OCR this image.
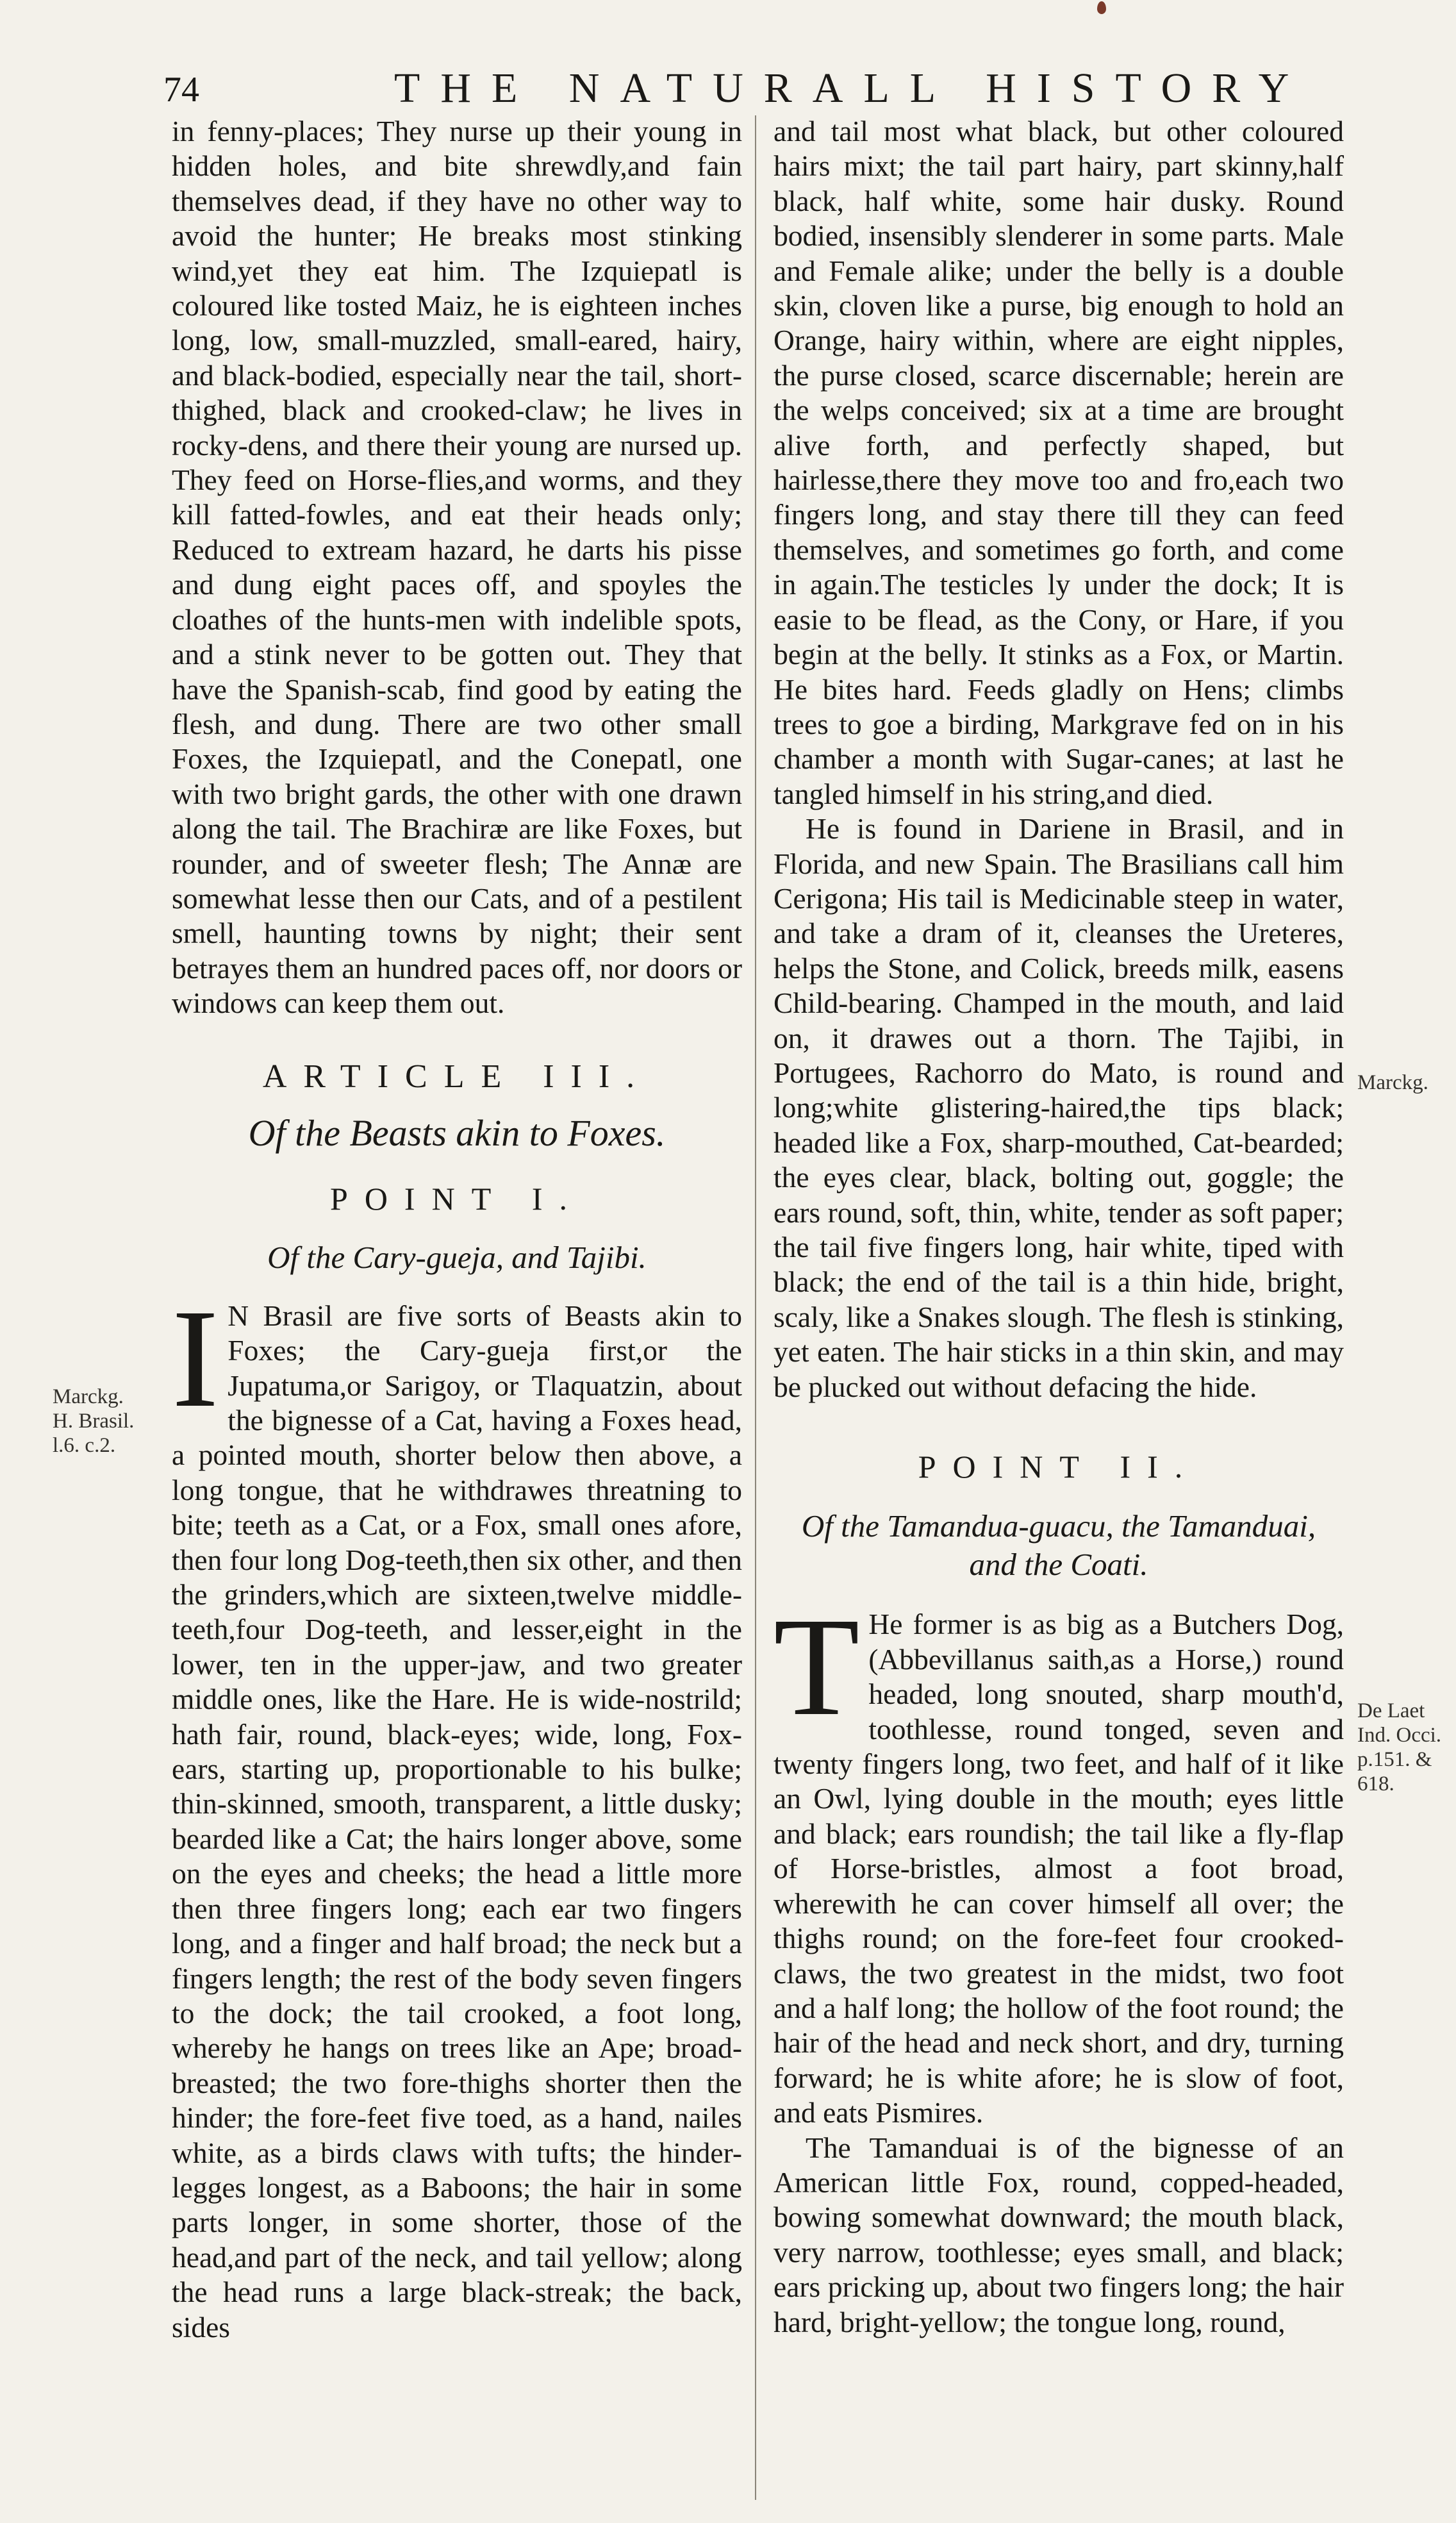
74	THE NATURALL HISTORY

in fenny-places; They nurse up their young in hidden holes, and bite shrewdly,and fain themselves dead, if they have no other way to avoid the hunter; He breaks most stinking wind,yet they eat him. The Izquiepatl is coloured like tosted Maiz, he is eighteen inches long, low, small-muzzled, small-eared, hairy, and black-bodied, especially near the tail, short-thighed, black and crooked-claw; he lives in rocky-dens, and there their young are nursed up. They feed on Horse-flies,and worms, and they kill fatted-fowles, and eat their heads only; Reduced to extream hazard, he darts his pisse and dung eight paces off, and spoyles the cloathes of the hunts-men with indelible spots, and a stink never to be gotten out. They that have the Spanish-scab, find good by eating the flesh, and dung. There are two other small Foxes, the Izquiepatl, and the Conepatl, one with two bright gards, the other with one drawn along the tail. The Brachiræ are like Foxes, but rounder, and of sweeter flesh; The Annæ are somewhat lesse then our Cats, and of a pestilent smell, haunting towns by night; their sent betrayes them an hundred paces off, nor doors or windows can keep them out.

ARTICLE III.

Of the Beasts akin to Foxes.

POINT I.

Of the Cary-gueja, and Tajibi.

I N Brasil are five sorts of Beasts akin to Foxes; the Cary-gueja first,or the Jupatuma,or Sarigoy, or Tlaquatzin, about the bignesse of a Cat, having a Foxes head, a pointed mouth, shorter below then above, a long tongue, that he withdrawes threatning to bite; teeth as a Cat, or a Fox, small ones afore, then four long Dog-teeth,then six other, and then the grinders,which are sixteen,twelve middle-teeth,four Dog-teeth, and lesser,eight in the lower, ten in the upper-jaw, and two greater middle ones, like the Hare. He is wide-nostrild; hath fair, round, black-eyes; wide, long, Fox-ears, starting up, proportionable to his bulke; thin-skinned, smooth, transparent, a little dusky; bearded like a Cat; the hairs longer above, some on the eyes and cheeks; the head a little more then three fingers long; each ear two fingers long, and a finger and half broad; the neck but a fingers length; the rest of the body seven fingers to the dock; the tail crooked, a foot long, whereby he hangs on trees like an Ape; broad-breasted; the two fore-thighs shorter then the hinder; the fore-feet five toed, as a hand, nailes white, as a birds claws with tufts; the hinder-legges longest, as a Baboons; the hair in some parts longer, in some shorter, those of the head,and part of the neck, and tail yellow; along the head runs a large black-streak; the back, sides

Marckg.
H. Brasil.
l.6. c.2.

and tail most what black, but other coloured hairs mixt; the tail part hairy, part skinny,half black, half white, some hair dusky. Round bodied, insensibly slenderer in some parts. Male and Female alike; under the belly is a double skin, cloven like a purse, big enough to hold an Orange, hairy within, where are eight nipples, the purse closed, scarce discernable; herein are the welps conceived; six at a time are brought alive forth, and perfectly shaped, but hairlesse,there they move too and fro,each two fingers long, and stay there till they can feed themselves, and sometimes go forth, and come in again.The testicles ly under the dock; It is easie to be flead, as the Cony, or Hare, if you begin at the belly. It stinks as a Fox, or Martin. He bites hard. Feeds gladly on Hens; climbs trees to goe a birding, Markgrave fed on in his chamber a month with Sugar-canes; at last he tangled himself in his string,and died.

He is found in Dariene in Brasil, and in Florida, and new Spain. The Brasilians call him Cerigona; His tail is Medicinable steep in water, and take a dram of it, cleanses the Ureteres, helps the Stone, and Colick, breeds milk, easens Child-bearing. Champed in the mouth, and laid on, it drawes out a thorn. The Tajibi, in Portugees, Rachorro do Mato, is round and long;white glistering-haired,the tips black; headed like a Fox, sharp-mouthed, Cat-bearded; the eyes clear, black, bolting out, goggle; the ears round, soft, thin, white, tender as soft paper; the tail five fingers long, hair white, tiped with black; the end of the tail is a thin hide, bright, scaly, like a Snakes slough. The flesh is stinking, yet eaten. The hair sticks in a thin skin, and may be plucked out without defacing the hide.

POINT II.

Of the Tamandua-guacu, the Tamanduai,

and the Coati.

T He former is as big as a Butchers Dog, (Abbevillanus saith,as a Horse,) round headed, long snouted, sharp mouth'd, toothlesse, round tonged, seven and twenty fingers long, two feet, and half of it like an Owl, lying double in the mouth; eyes little and black; ears roundish; the tail like a fly-flap of Horse-bristles, almost a foot broad, wherewith he can cover himself all over; the thighs round; on the fore-feet four crooked-claws, the two greatest in the midst, two foot and a half long; the hollow of the foot round; the hair of the head and neck short, and dry, turning forward; he is white afore; he is slow of foot, and eats Pismires.

The Tamanduai is of the bignesse of an American little Fox, round, copped-headed, bowing somewhat downward; the mouth black, very narrow, toothlesse; eyes small, and black; ears pricking up, about two fingers long; the hair hard, bright-yellow; the tongue long, round,

Marckg.
De Laet
Ind. Occi.
p.151. &
618.
